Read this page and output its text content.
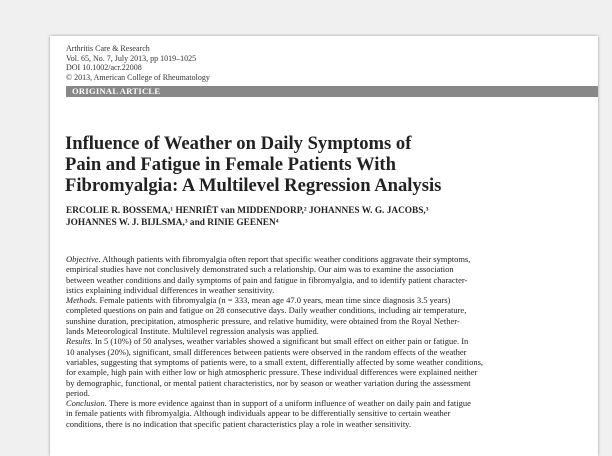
Arthritis Care & Research
Vol. 65, No. 7, July 2013, pp 1019–1025
DOI 10.1002/acr.22008
© 2013, American College of Rheumatology
ORIGINAL ARTICLE
Influence of Weather on Daily Symptoms of
Pain and Fatigue in Female Patients With
Fibromyalgia: A Multilevel Regression Analysis
ERCOLIE R. BOSSEMA,¹ HENRIËT van MIDDENDORP,² JOHANNES W. G. JACOBS,³
JOHANNES W. J. BIJLSMA,³ and RINIE GEENEN⁴
Objective. Although patients with fibromyalgia often report that specific weather conditions aggravate their symptoms,
empirical studies have not conclusively demonstrated such a relationship. Our aim was to examine the association
between weather conditions and daily symptoms of pain and fatigue in fibromyalgia, and to identify patient character-
istics explaining individual differences in weather sensitivity.
Methods. Female patients with fibromyalgia (n = 333, mean age 47.0 years, mean time since diagnosis 3.5 years)
completed questions on pain and fatigue on 28 consecutive days. Daily weather conditions, including air temperature,
sunshine duration, precipitation, atmospheric pressure, and relative humidity, were obtained from the Royal Nether-
lands Meteorological Institute. Multilevel regression analysis was applied.
Results. In 5 (10%) of 50 analyses, weather variables showed a significant but small effect on either pain or fatigue. In
10 analyses (20%), significant, small differences between patients were observed in the random effects of the weather
variables, suggesting that symptoms of patients were, to a small extent, differentially affected by some weather conditions,
for example, high pain with either low or high atmospheric pressure. These individual differences were explained neither
by demographic, functional, or mental patient characteristics, nor by season or weather variation during the assessment
period.
Conclusion. There is more evidence against than in support of a uniform influence of weather on daily pain and fatigue
in female patients with fibromyalgia. Although individuals appear to be differentially sensitive to certain weather
conditions, there is no indication that specific patient characteristics play a role in weather sensitivity.
